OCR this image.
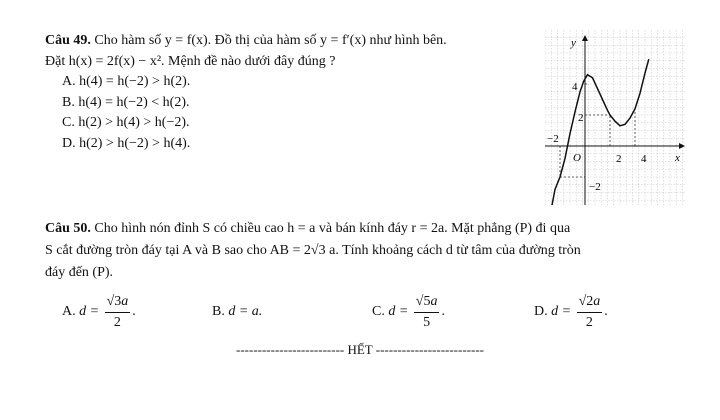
Câu 49. Cho hàm số y = f(x). Đồ thị của hàm số y = f′(x) như hình bên.
Đặt h(x) = 2f(x) − x². Mệnh đề nào dưới đây đúng ?
A. h(4) = h(−2) > h(2).
B. h(4) = h(−2) < h(2).
C. h(2) > h(4) > h(−2).
D. h(2) > h(−2) > h(4).
y
x
O	2 4
−2
4
2
−2
Câu 50. Cho hình nón đỉnh S có chiều cao h = a và bán kính đáy r = 2a. Mặt phẳng (P) đi qua
S cắt đường tròn đáy tại A và B sao cho AB = 2√3 a. Tính khoảng cách d từ tâm của đường tròn
đáy đến (P).
A.
d =
$\frac{√3a}{2}$ .	B.
d = a.	C.
d =
$\frac{√5a}{5}$ .	D.
d =
$\frac{√2a}{2}$ .
------------------------- HẾT -------------------------
